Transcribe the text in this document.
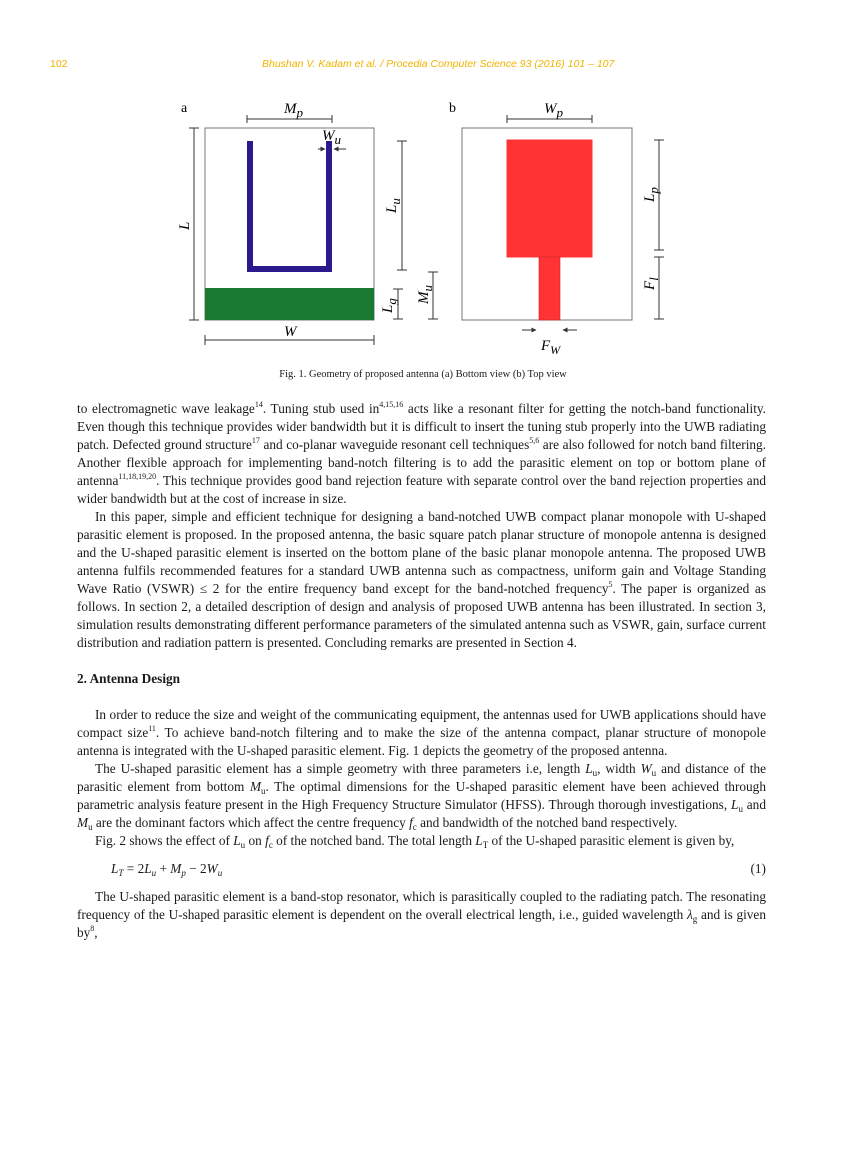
102	Bhushan V. Kadam et al. / Procedia Computer Science 93 (2016) 101 – 107
a	Mp
Wu
L
Lu
Lg Mu
W
b	Wp
Lp
Fl
$F_W$
Fig. 1. Geometry of proposed antenna (a) Bottom view (b) Top view

to electromagnetic wave leakage$^{14}$. Tuning stub used in$^{4,15,16}$ acts like a resonant filter for getting the notch-band functionality. Even though this technique provides wider bandwidth but it is difficult to insert the tuning stub properly into the UWB radiating patch. Defected ground structure$^{17}$ and co-planar waveguide resonant cell techniques$^{5,6}$ are also followed for notch band filtering. Another flexible approach for implementing band-notch filtering is to add the parasitic element on top or bottom plane of antenna$^{11,18,19,20}$. This technique provides good band rejection feature with separate control over the band rejection properties and wider bandwidth but at the cost of increase in size.

In this paper, simple and efficient technique for designing a band-notched UWB compact planar monopole with U-shaped parasitic element is proposed. In the proposed antenna, the basic square patch planar structure of monopole antenna is designed and the U-shaped parasitic element is inserted on the bottom plane of the basic planar monopole antenna. The proposed UWB antenna fulfils recommended features for a standard UWB antenna such as compactness, uniform gain and Voltage Standing Wave Ratio (VSWR) ≤ 2 for the entire frequency band except for the band-notched frequency$^5$. The paper is organized as follows. In section 2, a detailed description of design and analysis of proposed UWB antenna has been illustrated. In section 3, simulation results demonstrating different performance parameters of the simulated antenna such as VSWR, gain, surface current distribution and radiation pattern is presented. Concluding remarks are presented in Section 4.

2. Antenna Design

In order to reduce the size and weight of the communicating equipment, the antennas used for UWB applications should have compact size$^{11}$. To achieve band-notch filtering and to make the size of the antenna compact, planar structure of monopole antenna is integrated with the U-shaped parasitic element. Fig. 1 depicts the geometry of the proposed antenna.

The U-shaped parasitic element has a simple geometry with three parameters i.e, length $L_u$, width $W_u$ and distance of the parasitic element from bottom $M_u$. The optimal dimensions for the U-shaped parasitic element have been achieved through parametric analysis feature present in the High Frequency Structure Simulator (HFSS). Through thorough investigations, $L_u$ and $M_u$ are the dominant factors which affect the centre frequency $f_c$ and bandwidth of the notched band respectively.

Fig. 2 shows the effect of $L_u$ on $f_c$ of the notched band. The total length $L_T$ of the U-shaped parasitic element is given by,

$L_T = 2L_u + M_p - 2W_u$	(1)

The U-shaped parasitic element is a band-stop resonator, which is parasitically coupled to the radiating patch. The resonating frequency of the U-shaped parasitic element is dependent on the overall electrical length, i.e., guided wavelength $\lambda_g$ and is given $by^8$,
